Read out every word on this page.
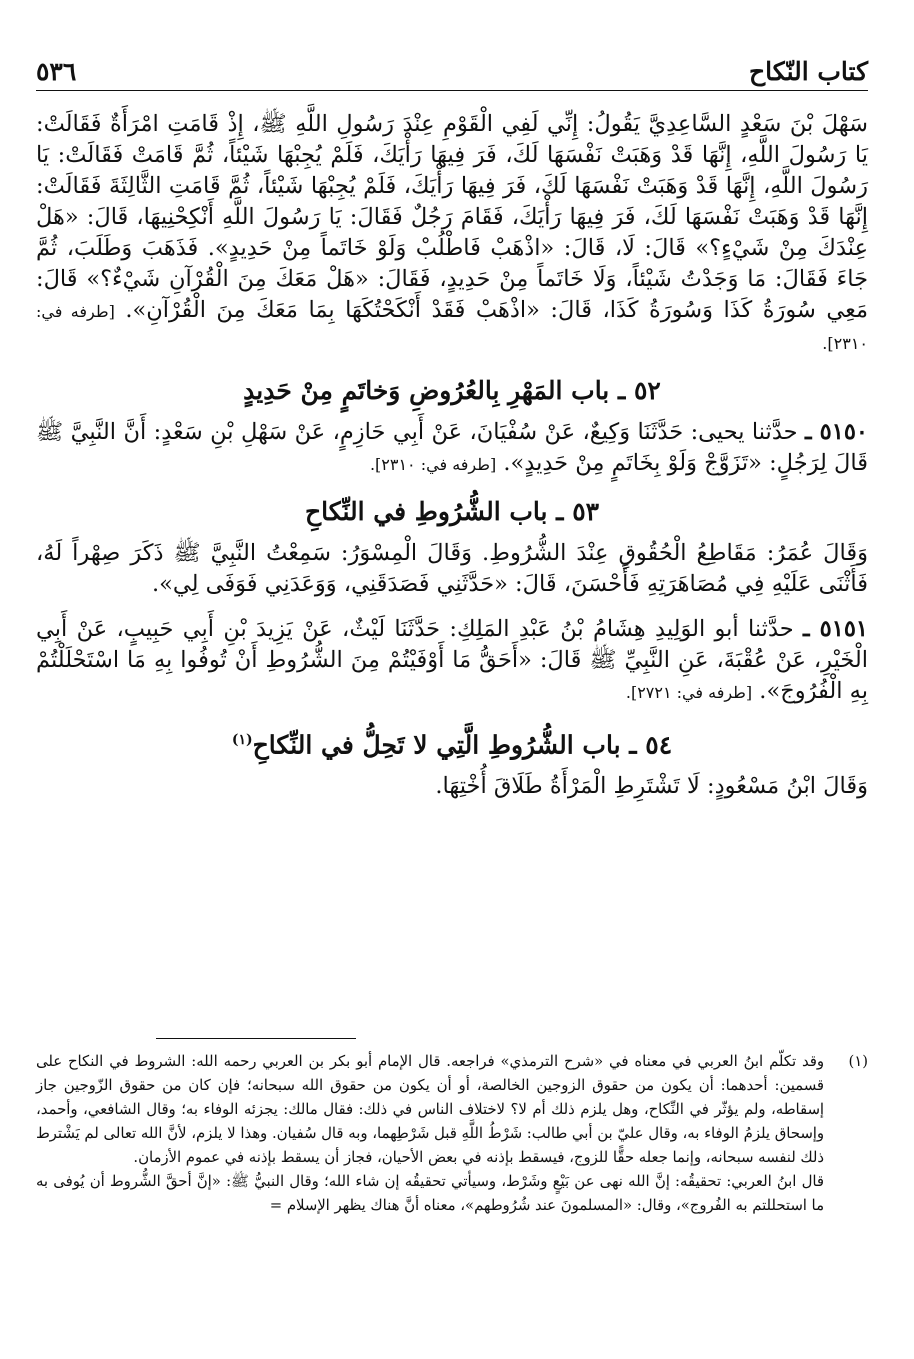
كتاب النّكاح
٥٣٦

سَهْلَ بْنَ سَعْدٍ السَّاعِدِيَّ يَقُولُ: إِنِّي لَفِي الْقَوْمِ عِنْدَ رَسُولِ اللَّهِ ﷺ، إِذْ قَامَتِ امْرَأَةٌ فَقَالَتْ: يَا رَسُولَ اللَّهِ، إِنَّهَا قَدْ وَهَبَتْ نَفْسَهَا لَكَ، فَرَ فِيهَا رَأْيَكَ، فَلَمْ يُجِبْهَا شَيْئاً، ثُمَّ قَامَتْ فَقَالَتْ: يَا رَسُولَ اللَّهِ، إِنَّهَا قَدْ وَهَبَتْ نَفْسَهَا لَكَ، فَرَ فِيهَا رَأْيَكَ، فَلَمْ يُجِبْهَا شَيْئاً، ثُمَّ قَامَتِ الثَّالِثَةَ فَقَالَتْ: إِنَّهَا قَدْ وَهَبَتْ نَفْسَهَا لَكَ، فَرَ فِيهَا رَأْيَكَ، فَقَامَ رَجُلٌ فَقَالَ: يَا رَسُولَ اللَّهِ أَنْكِحْنِيهَا، قَالَ: «هَلْ عِنْدَكَ مِنْ شَيْءٍ؟» قَالَ: لَا، قَالَ: «اذْهَبْ فَاطْلُبْ وَلَوْ خَاتَماً مِنْ حَدِيدٍ». فَذَهَبَ وَطَلَبَ، ثُمَّ جَاءَ فَقَالَ: مَا وَجَدْتُ شَيْئاً، وَلَا خَاتَماً مِنْ حَدِيدٍ، فَقَالَ: «هَلْ مَعَكَ مِنَ الْقُرْآنِ شَيْءٌ؟» قَالَ: مَعِي سُورَةُ كَذَا وَسُورَةُ كَذَا، قَالَ: «اذْهَبْ فَقَدْ أَنْكَحْتُكَهَا بِمَا مَعَكَ مِنَ الْقُرْآنِ». [طرفه في: ٢٣١٠].

٥٢ ـ باب المَهْرِ بِالعُرُوضِ وَخاتَمٍ مِنْ حَدِيدٍ

٥١٥٠ ـ حدَّثنا يحيى: حَدَّثَنَا وَكِيعٌ، عَنْ سُفْيَانَ، عَنْ أَبِي حَازِمٍ، عَنْ سَهْلِ بْنِ سَعْدٍ: أَنَّ النَّبِيَّ ﷺ قَالَ لِرَجُلٍ: «تَزَوَّجْ وَلَوْ بِخَاتَمٍ مِنْ حَدِيدٍ». [طرفه في: ٢٣١٠].

٥٣ ـ باب الشُّرُوطِ في النِّكاحِ

وَقَالَ عُمَرُ: مَقَاطِعُ الْحُقُوقِ عِنْدَ الشُّرُوطِ. وَقَالَ الْمِسْوَرُ: سَمِعْتُ النَّبِيَّ ﷺ ذَكَرَ صِهْراً لَهُ، فَأَثْنَى عَلَيْهِ فِي مُصَاهَرَتِهِ فَأَحْسَنَ، قَالَ: «حَدَّثَنِي فَصَدَقَنِي، وَوَعَدَنِي فَوَفَى لِي».

٥١٥١ ـ حدَّثنا أبو الوَلِيدِ هِشَامُ بْنُ عَبْدِ المَلِكِ: حَدَّثَنَا لَيْثٌ، عَنْ يَزِيدَ بْنِ أَبِي حَبِيبٍ، عَنْ أَبِي الْخَيْرِ، عَنْ عُقْبَةَ، عَنِ النَّبِيِّ ﷺ قَالَ: «أَحَقُّ مَا أَوْفَيْتُمْ مِنَ الشُّرُوطِ أَنْ تُوفُوا بِهِ مَا اسْتَحْلَلْتُمْ بِهِ الْفُرُوجَ». [طرفه في: ٢٧٢١].

٥٤ ـ باب الشُّرُوطِ الَّتِي لا تَحِلُّ في النِّكاحِ$^{(١)}$

وَقَالَ ابْنُ مَسْعُودٍ: لَا تَشْتَرِطِ الْمَرْأَةُ طَلَاقَ أُخْتِهَا.

(١)

وقد تكلّم ابنُ العربي في معناه في «شرح الترمذي» فراجعه. قال الإمام أبو بكر بن العربي رحمه الله: الشروط في النكاح على قسمين: أحدهما: أن يكون من حقوق الزوجين الخالصة، أو أن يكون من حقوق الله سبحانه؛ فإن كان من حقوق الزّوجين جاز إسقاطه، ولم يؤثّر في النِّكاح، وهل يلزم ذلك أم لا؟ لاختلاف الناس في ذلك: فقال مالك: يجزئه الوفاء به؛ وقال الشافعي، وأحمد، وإسحاق يلزمُ الوفاء به، وقال عليّ بن أبي طالب: شَرْطُ اللَّهِ قبل شَرْطِهما، وبه قال سُفيان. وهذا لا يلزم، لأنَّ الله تعالى لم يَشْترط ذلك لنفسه سبحانه، وإنما جعله حقًّا للزوج، فيسقط بإذنه في بعض الأحيان، فجاز أن يسقط بإذنه في عموم الأزمان.

قال ابنُ العربي: تحقيقُه: إنَّ الله نهى عن بَيْعٍ وشَرْط، وسيأتي تحقيقُه إن شاء الله؛ وقال النبيُّ ﷺ: «إنَّ أحقَّ الشُّروط أن يُوفى به ما استحللتم به الفُروج»، وقال: «المسلمونَ عند شُرُوطهم»، معناه أنَّ هناك يظهر الإسلام =
